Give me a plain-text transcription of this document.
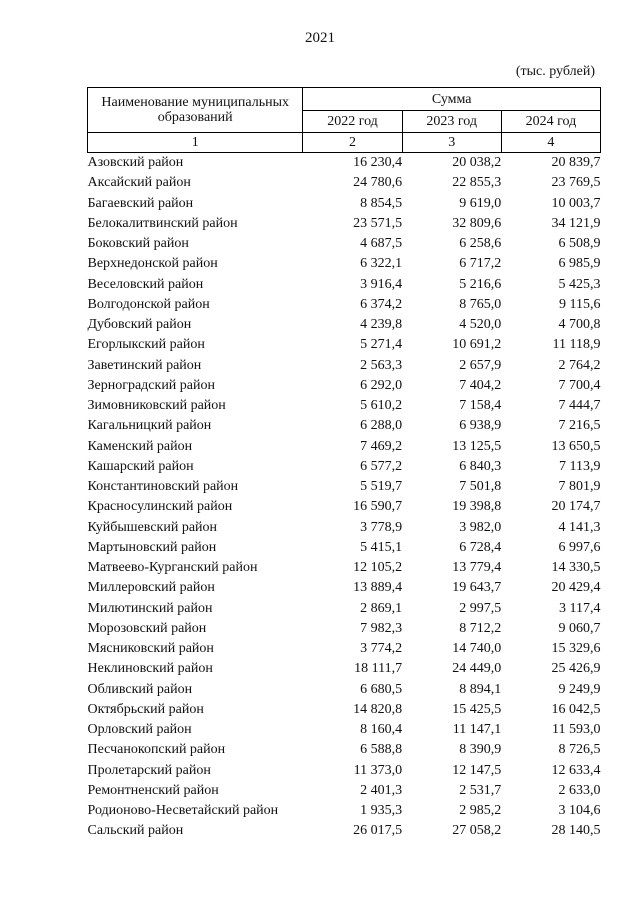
2021
(тыс. рублей)
Наименование муниципальных образований	Сумма		
	2022 год	2023 год	2024 год
1	2	3	4
Азовский район	16 230,4	20 038,2	20 839,7
Аксайский район	24 780,6	22 855,3	23 769,5
Багаевский район	8 854,5	9 619,0	10 003,7
Белокалитвинский район	23 571,5	32 809,6	34 121,9
Боковский район	4 687,5	6 258,6	6 508,9
Верхнедонской район	6 322,1	6 717,2	6 985,9
Веселовский район	3 916,4	5 216,6	5 425,3
Волгодонской район	6 374,2	8 765,0	9 115,6
Дубовский район	4 239,8	4 520,0	4 700,8
Егорлыкский район	5 271,4	10 691,2	11 118,9
Заветинский район	2 563,3	2 657,9	2 764,2
Зерноградский район	6 292,0	7 404,2	7 700,4
Зимовниковский район	5 610,2	7 158,4	7 444,7
Кагальницкий район	6 288,0	6 938,9	7 216,5
Каменский район	7 469,2	13 125,5	13 650,5
Кашарский район	6 577,2	6 840,3	7 113,9
Константиновский район	5 519,7	7 501,8	7 801,9
Красносулинский район	16 590,7	19 398,8	20 174,7
Куйбышевский район	3 778,9	3 982,0	4 141,3
Мартыновский район	5 415,1	6 728,4	6 997,6
Матвеево-Курганский район	12 105,2	13 779,4	14 330,5
Миллеровский район	13 889,4	19 643,7	20 429,4
Милютинский район	2 869,1	2 997,5	3 117,4
Морозовский район	7 982,3	8 712,2	9 060,7
Мясниковский район	3 774,2	14 740,0	15 329,6
Неклиновский район	18 111,7	24 449,0	25 426,9
Обливский район	6 680,5	8 894,1	9 249,9
Октябрьский район	14 820,8	15 425,5	16 042,5
Орловский район	8 160,4	11 147,1	11 593,0
Песчанокопский район	6 588,8	8 390,9	8 726,5
Пролетарский район	11 373,0	12 147,5	12 633,4
Ремонтненский район	2 401,3	2 531,7	2 633,0
Родионово-Несветайский район	1 935,3	2 985,2	3 104,6
Сальский район	26 017,5	27 058,2	28 140,5
